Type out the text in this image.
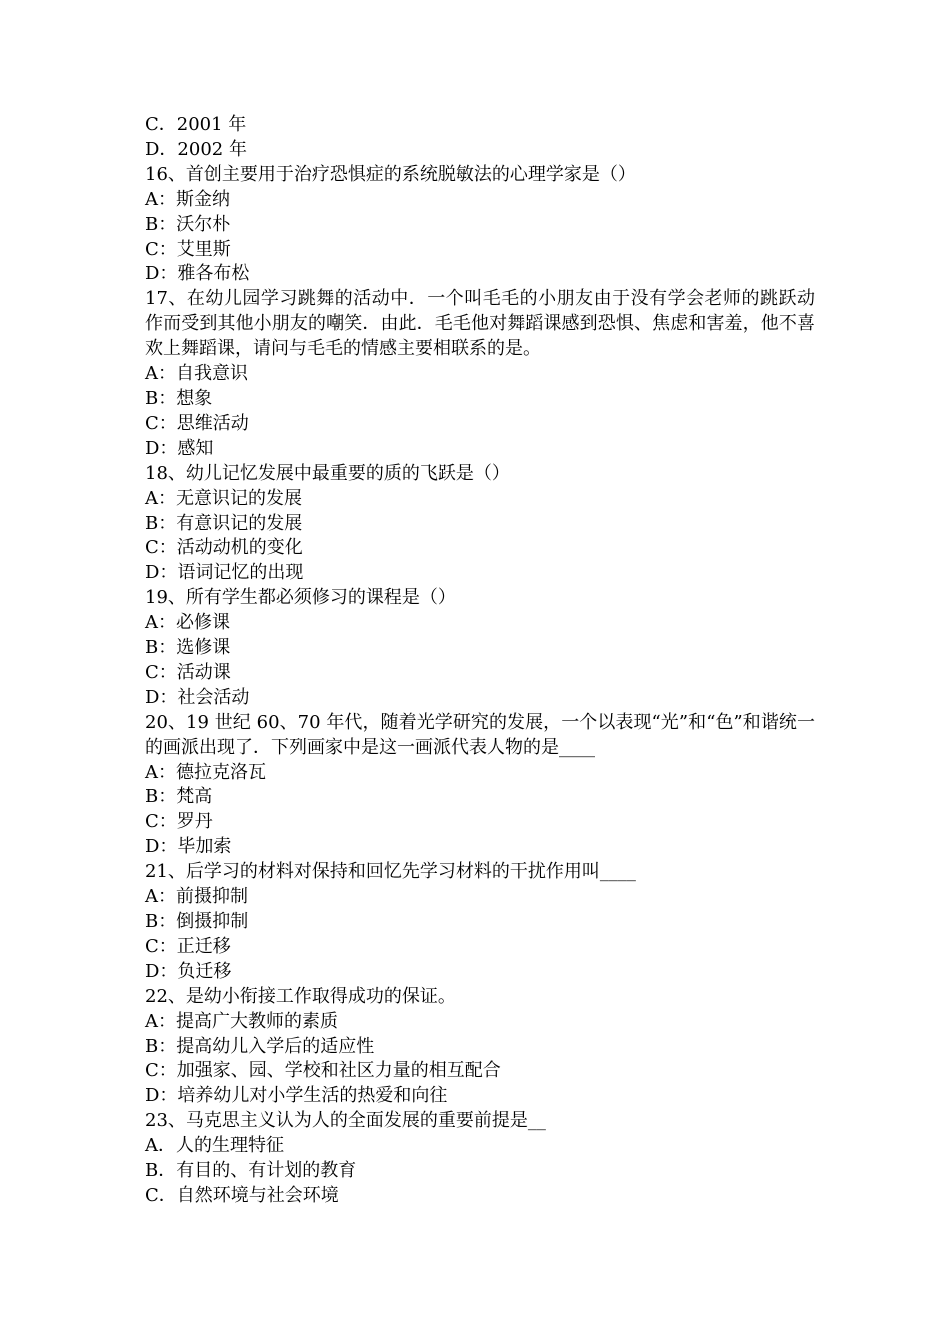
C．2001 年
D．2002 年
16、首创主要用于治疗恐惧症的系统脱敏法的心理学家是（）
A：斯金纳
B：沃尔朴
C：艾里斯
D：雅各布松
17、在幼儿园学习跳舞的活动中．一个叫毛毛的小朋友由于没有学会老师的跳跃动作而受到其他小朋友的嘲笑．由此．毛毛他对舞蹈课感到恐惧、焦虑和害羞，他不喜欢上舞蹈课，请问与毛毛的情感主要相联系的是。
A：自我意识
B：想象
C：思维活动
D：感知
18、幼儿记忆发展中最重要的质的飞跃是（）
A：无意识记的发展
B：有意识记的发展
C：活动动机的变化
D：语词记忆的出现
19、所有学生都必须修习的课程是（）
A：必修课
B：选修课
C：活动课
D：社会活动
20、19 世纪 60、70 年代，随着光学研究的发展，一个以表现“光”和“色”和谐统一的画派出现了．下列画家中是这一画派代表人物的是____
A：德拉克洛瓦
B：梵高
C：罗丹
D：毕加索
21、后学习的材料对保持和回忆先学习材料的干扰作用叫____
A：前摄抑制
B：倒摄抑制
C：正迁移
D：负迁移
22、是幼小衔接工作取得成功的保证。
A：提高广大教师的素质
B：提高幼儿入学后的适应性
C：加强家、园、学校和社区力量的相互配合
D：培养幼儿对小学生活的热爱和向往
23、马克思主义认为人的全面发展的重要前提是__
A．人的生理特征
B．有目的、有计划的教育
C．自然环境与社会环境
